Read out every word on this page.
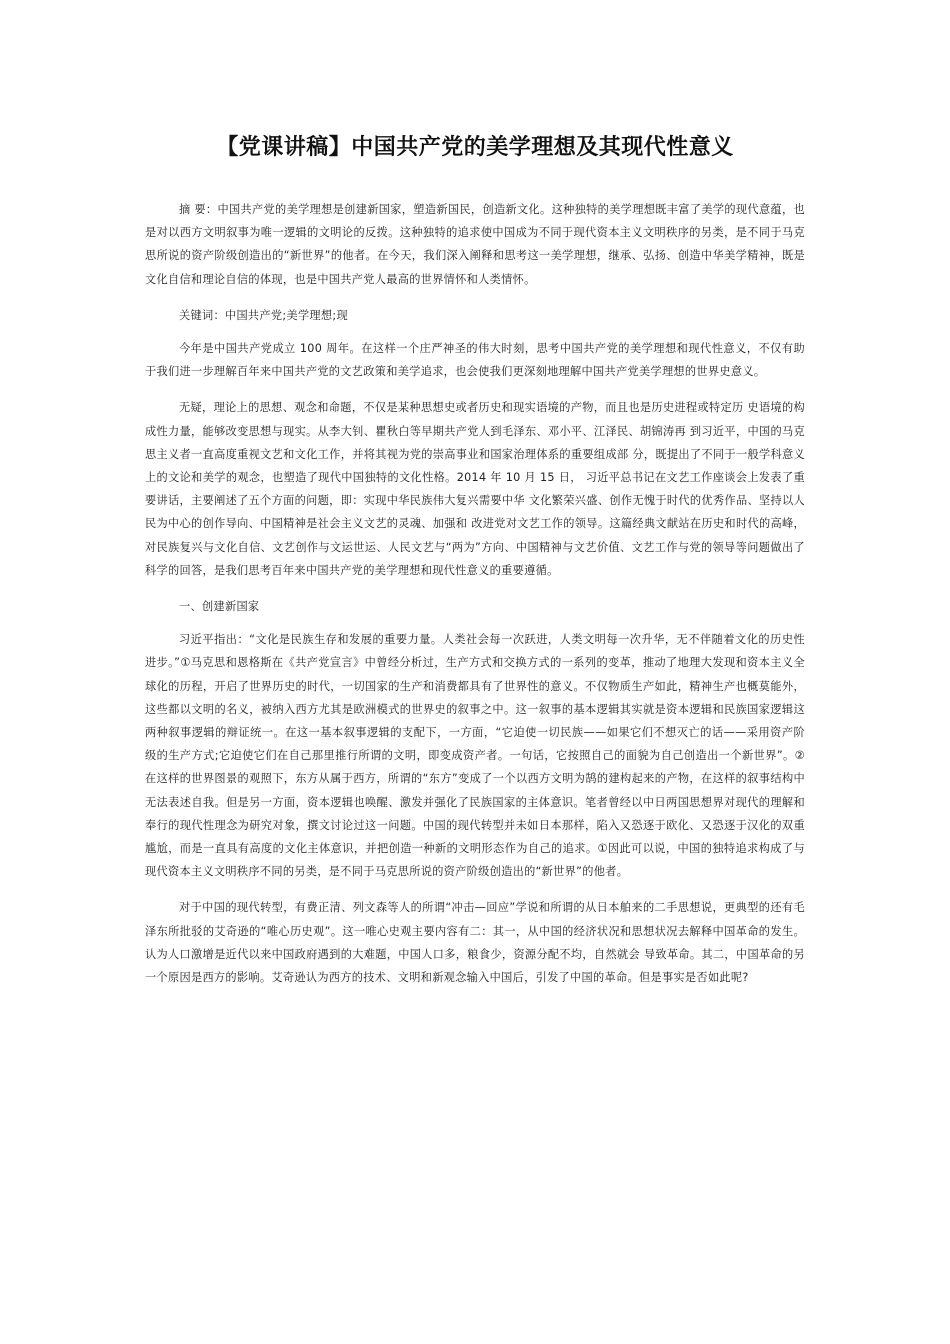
【党课讲稿】中国共产党的美学理想及其现代性意义

摘 要：中国共产党的美学理想是创建新国家，塑造新国民，创造新文化。这种独特的美学理想既丰富了美学的现代意蕴，也是对以西方文明叙事为唯一逻辑的文明论的反拨。这种独特的追求使中国成为不同于现代资本主义文明秩序的另类，是不同于马克思所说的资产阶级创造出的“新世界”的他者。在今天，我们深入阐释和思考这一美学理想，继承、弘扬、创造中华美学精神，既是文化自信和理论自信的体现，也是中国共产党人最高的世界情怀和人类情怀。

关键词：中国共产党;美学理想;现

今年是中国共产党成立 100 周年。在这样一个庄严神圣的伟大时刻，思考中国共产党的美学理想和现代性意义，不仅有助于我们进一步理解百年来中国共产党的文艺政策和美学追求，也会使我们更深刻地理解中国共产党美学理想的世界史意义。

无疑，理论上的思想、观念和命题，不仅是某种思想史或者历史和现实语境的产物，而且也是历史进程或特定历 史语境的构成性力量，能够改变思想与现实。从李大钊、瞿秋白等早期共产党人到毛泽东、邓小平、江泽民、胡锦涛再 到习近平，中国的马克思主义者一直高度重视文艺和文化工作，并将其视为党的崇高事业和国家治理体系的重要组成部 分，既提出了不同于一般学科意义上的文论和美学的观念，也塑造了现代中国独特的文化性格。2014 年 10 月 15 日， 习近平总书记在文艺工作座谈会上发表了重要讲话，主要阐述了五个方面的问题，即：实现中华民族伟大复兴需要中华 文化繁荣兴盛、创作无愧于时代的优秀作品、坚持以人民为中心的创作导向、中国精神是社会主义文艺的灵魂、加强和 改进党对文艺工作的领导。这篇经典文献站在历史和时代的高峰，对民族复兴与文化自信、文艺创作与文运世运、人民文艺与“两为”方向、中国精神与文艺价值、文艺工作与党的领导等问题做出了科学的回答，是我们思考百年来中国共产党的美学理想和现代性意义的重要遵循。

一、创建新国家

习近平指出：“文化是民族生存和发展的重要力量。人类社会每一次跃进，人类文明每一次升华，无不伴随着文化的历史性进步。”①马克思和恩格斯在《共产党宣言》中曾经分析过，生产方式和交换方式的一系列的变革，推动了地理大发现和资本主义全球化的历程，开启了世界历史的时代，一切国家的生产和消费都具有了世界性的意义。不仅物质生产如此，精神生产也概莫能外，这些都以文明的名义，被纳入西方尤其是欧洲模式的世界史的叙事之中。这一叙事的基本逻辑其实就是资本逻辑和民族国家逻辑这两种叙事逻辑的辩证统一。在这一基本叙事逻辑的支配下，一方面，“它迫使一切民族——如果它们不想灭亡的话——采用资产阶级的生产方式;它迫使它们在自己那里推行所谓的文明，即变成资产者。一句话，它按照自己的面貌为自己创造出一个新世界”。②在这样的世界图景的观照下，东方从属于西方，所谓的“东方”变成了一个以西方文明为鹄的建构起来的产物，在这样的叙事结构中无法表述自我。但是另一方面，资本逻辑也唤醒、激发并强化了民族国家的主体意识。笔者曾经以中日两国思想界对现代的理解和奉行的现代性理念为研究对象，撰文讨论过这一问题。中国的现代转型并未如日本那样，陷入又恐逐于欧化、又恐逐于汉化的双重尴尬，而是一直具有高度的文化主体意识，并把创造一种新的文明形态作为自己的追求。①因此可以说，中国的独特追求构成了与现代资本主义文明秩序不同的另类，是不同于马克思所说的资产阶级创造出的“新世界”的他者。

对于中国的现代转型，有费正清、列文森等人的所谓“冲击—回应”学说和所谓的从日本舶来的二手思想说，更典型的还有毛泽东所批驳的艾奇逊的“唯心历史观”。这一唯心史观主要内容有二：其一，从中国的经济状况和思想状况去解释中国革命的发生。认为人口激增是近代以来中国政府遇到的大难题，中国人口多，粮食少，资源分配不均，自然就会 导致革命。其二，中国革命的另一个原因是西方的影响。艾奇逊认为西方的技术、文明和新观念输入中国后，引发了中国的革命。但是事实是否如此呢?
